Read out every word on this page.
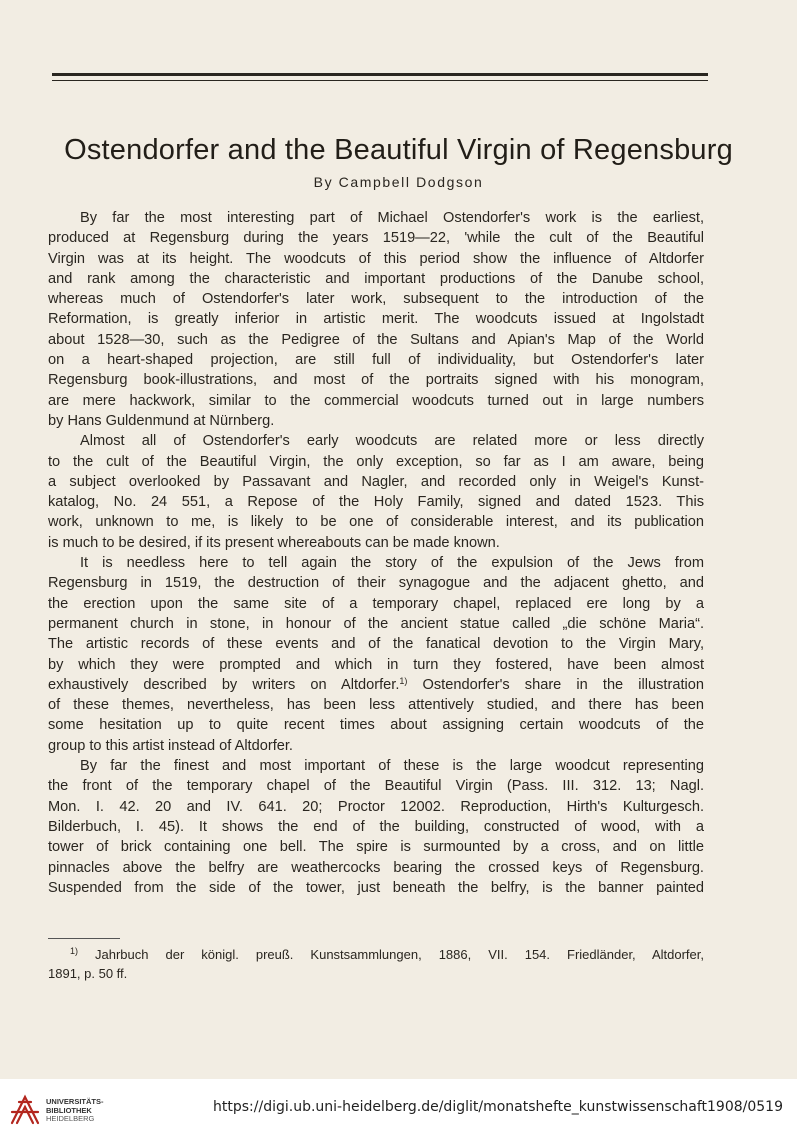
Ostendorfer and the Beautiful Virgin of Regensburg
By Campbell Dodgson
By far the most interesting part of Michael Ostendorfer's work is the earliest,
produced at Regensburg during the years 1519—22, 'while the cult of the Beautiful
Virgin was at its height. The woodcuts of this period show the influence of Altdorfer
and rank among the characteristic and important productions of the Danube school,
whereas much of Ostendorfer's later work, subsequent to the introduction of the
Reformation, is greatly inferior in artistic merit. The woodcuts issued at Ingolstadt
about 1528—30, such as the Pedigree of the Sultans and Apian's Map of the World
on a heart-shaped projection, are still full of individuality, but Ostendorfer's later
Regensburg book-illustrations, and most of the portraits signed with his monogram,
are mere hackwork, similar to the commercial woodcuts turned out in large numbers
by Hans Guldenmund at Nürnberg.
Almost all of Ostendorfer's early woodcuts are related more or less directly
to the cult of the Beautiful Virgin, the only exception, so far as I am aware, being
a subject overlooked by Passavant and Nagler, and recorded only in Weigel's Kunst-
katalog, No. 24 551, a Repose of the Holy Family, signed and dated 1523. This
work, unknown to me, is likely to be one of considerable interest, and its publication
is much to be desired, if its present whereabouts can be made known.
It is needless here to tell again the story of the expulsion of the Jews from
Regensburg in 1519, the destruction of their synagogue and the adjacent ghetto, and
the erection upon the same site of a temporary chapel, replaced ere long by a
permanent church in stone, in honour of the ancient statue called „die schöne Maria“.
The artistic records of these events and of the fanatical devotion to the Virgin Mary,
by which they were prompted and which in turn they fostered, have been almost
exhaustively described by writers on Altdorfer.$^{1)}$ Ostendorfer's share in the illustration
of these themes, nevertheless, has been less attentively studied, and there has been
some hesitation up to quite recent times about assigning certain woodcuts of the
group to this artist instead of Altdorfer.
By far the finest and most important of these is the large woodcut representing
the front of the temporary chapel of the Beautiful Virgin (Pass. III. 312. 13; Nagl.
Mon. I. 42. 20 and IV. 641. 20; Proctor 12002. Reproduction, Hirth's Kulturgesch.
Bilderbuch, I. 45). It shows the end of the building, constructed of wood, with a
tower of brick containing one bell. The spire is surmounted by a cross, and on little
pinnacles above the belfry are weathercocks bearing the crossed keys of Regensburg.
Suspended from the side of the tower, just beneath the belfry, is the banner painted
$^{1)}$ Jahrbuch der königl. preuß. Kunstsammlungen, 1886, VII. 154. Friedländer, Altdorfer,
1891, p. 50 ff.
UNIVERSITÄTS-
BIBLIOTHEK
HEIDELBERG
https://digi.ub.uni-heidelberg.de/diglit/monatshefte_kunstwissenschaft1908/0519
